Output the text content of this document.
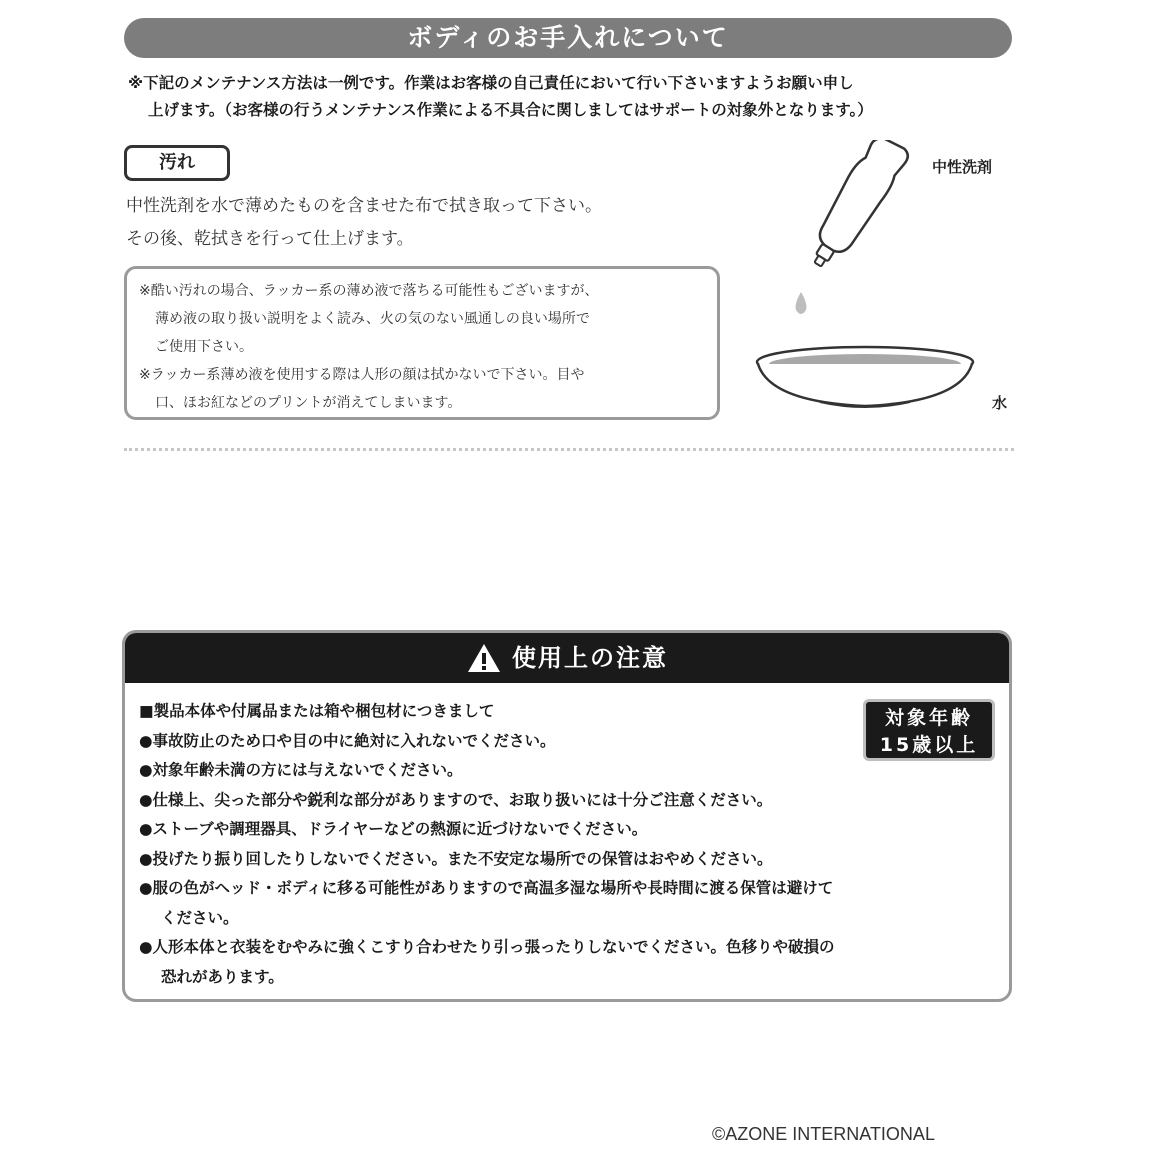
ボディのお手入れについて
※下記のメンテナンス方法は一例です。作業はお客様の自己責任において行い下さいますようお願い申し
上げます。（お客様の行うメンテナンス作業による不具合に関しましてはサポートの対象外となります。）
汚れ
中性洗剤を水で薄めたものを含ませた布で拭き取って下さい。
その後、乾拭きを行って仕上げます。
※酷い汚れの場合、ラッカー系の薄め液で落ちる可能性もございますが、
薄め液の取り扱い説明をよく読み、火の気のない風通しの良い場所で
ご使用下さい。
※ラッカー系薄め液を使用する際は人形の顔は拭かないで下さい。目や
口、ほお紅などのプリントが消えてしまいます。
中性洗剤
水
使用上の注意
■製品本体や付属品または箱や梱包材につきまして
●事故防止のため口や目の中に絶対に入れないでください。
●対象年齢未満の方には与えないでください。
●仕様上、尖った部分や鋭利な部分がありますので、お取り扱いには十分ご注意ください。
●ストーブや調理器具、ドライヤーなどの熱源に近づけないでください。
●投げたり振り回したりしないでください。また不安定な場所での保管はおやめください。
●服の色がヘッド・ボディに移る可能性がありますので高温多湿な場所や長時間に渡る保管は避けて
ください。
●人形本体と衣装をむやみに強くこすり合わせたり引っ張ったりしないでください。色移りや破損の
恐れがあります。
対象年齢
15歳以上
©AZONE INTERNATIONAL
